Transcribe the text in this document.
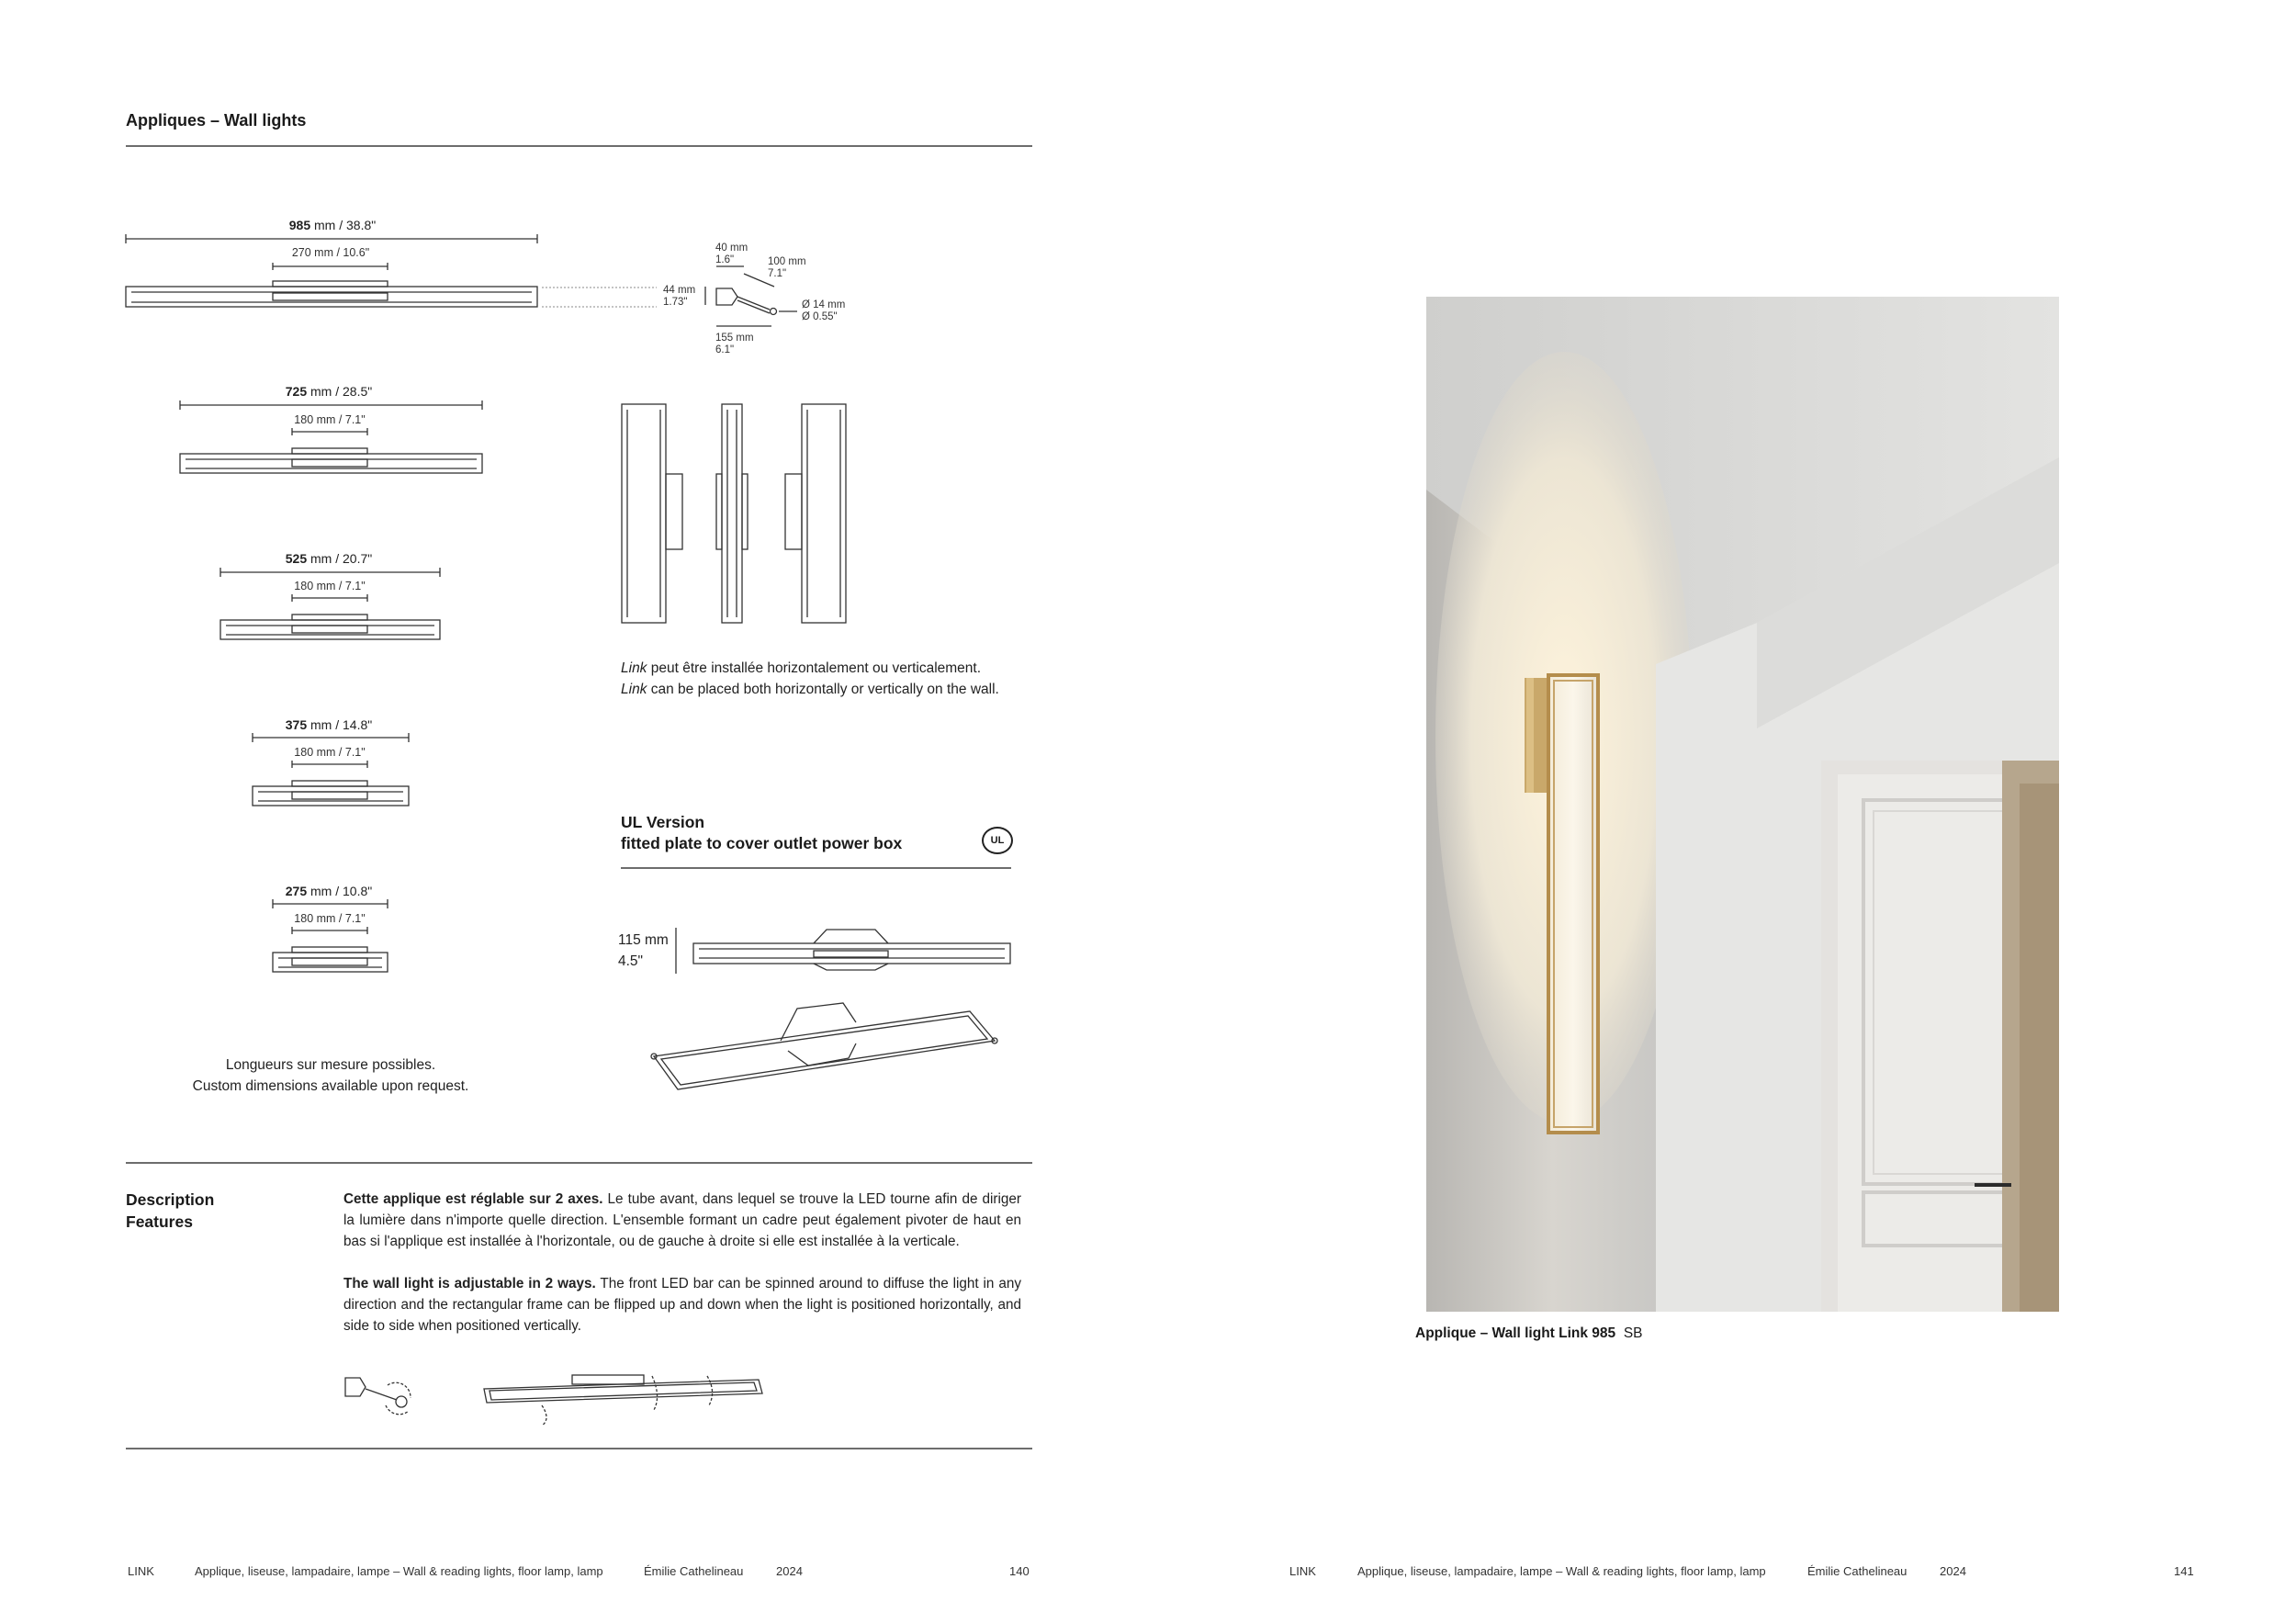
Appliques – Wall lights
985 mm / 38.8"
270 mm / 10.6"	40 mm
1.6"	100 mm
7.1"
44 mm
1.73"	Ø 14 mm
Ø 0.55"
155 mm
6.1"
725 mm / 28.5"
180 mm / 7.1"
525 mm / 20.7"
180 mm / 7.1"
375 mm / 14.8"
180 mm / 7.1"
275 mm / 10.8"
180 mm / 7.1"
Longueurs sur mesure possibles.
Custom dimensions available upon request.
Link peut être installée horizontalement ou verticalement.
Link can be placed both horizontally or vertically on the wall.
UL Version
fitted plate to cover outlet power box	UL
115 mm
4.5"
Description
Features
Cette applique est réglable sur 2 axes. Le tube avant, dans lequel se trouve la LED tourne afin de diriger la lumière dans n'importe quelle direction. L'ensemble formant un cadre peut également pivoter de haut en bas si l'applique est installée à l'horizontale, ou de gauche à droite si elle est installée à la verticale.
The wall light is adjustable in 2 ways. The front LED bar can be spinned around to diffuse the light in any direction and the rectangular frame can be flipped up and down when the light is positioned horizontally, and side to side when positioned vertically.
LINK	Applique, liseuse, lampadaire, lampe – Wall & reading lights, floor lamp, lamp	Émilie Cathelineau	2024	140
Applique – Wall light Link 985 SB
LINK	Applique, liseuse, lampadaire, lampe – Wall & reading lights, floor lamp, lamp	Émilie Cathelineau	2024	141
